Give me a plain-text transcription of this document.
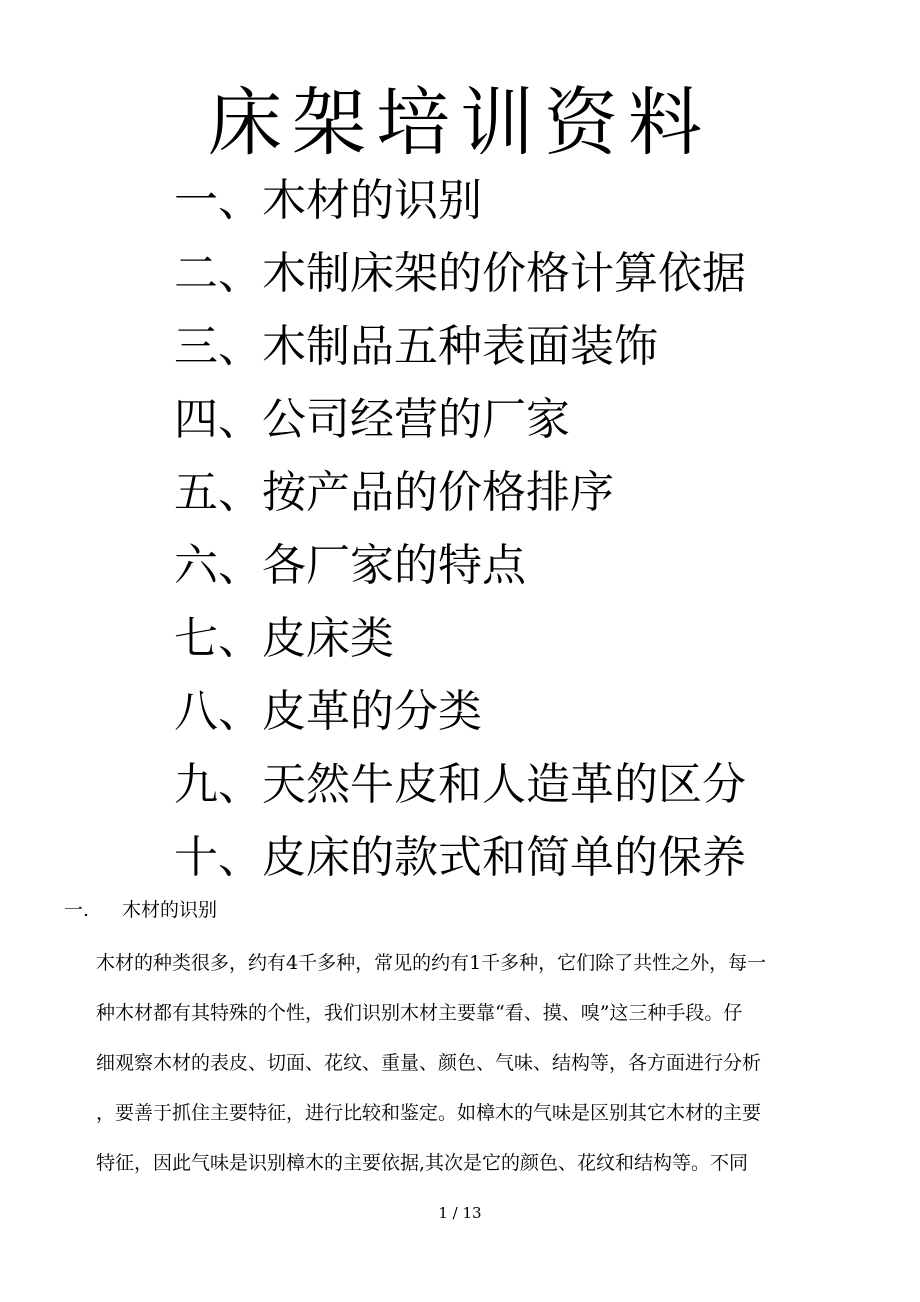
床架培训资料
一、木材的识别
二、木制床架的价格计算依据
三、木制品五种表面装饰
四、公司经营的厂家
五、按产品的价格排序
六、各厂家的特点
七、皮床类
八、皮革的分类
九、天然牛皮和人造革的区分
十、皮床的款式和简单的保养
一. 木材的识别
木材的种类很多，约有4千多种，常见的约有1千多种，它们除了共性之外，每一
种木材都有其特殊的个性，我们识别木材主要靠“看、摸、嗅”这三种手段。仔
细观察木材的表皮、切面、花纹、重量、颜色、气味、结构等，各方面进行分析
，要善于抓住主要特征，进行比较和鉴定。如樟木的气味是区别其它木材的主要
特征，因此气味是识别樟木的主要依据,其次是它的颜色、花纹和结构等。不同
1 / 13
